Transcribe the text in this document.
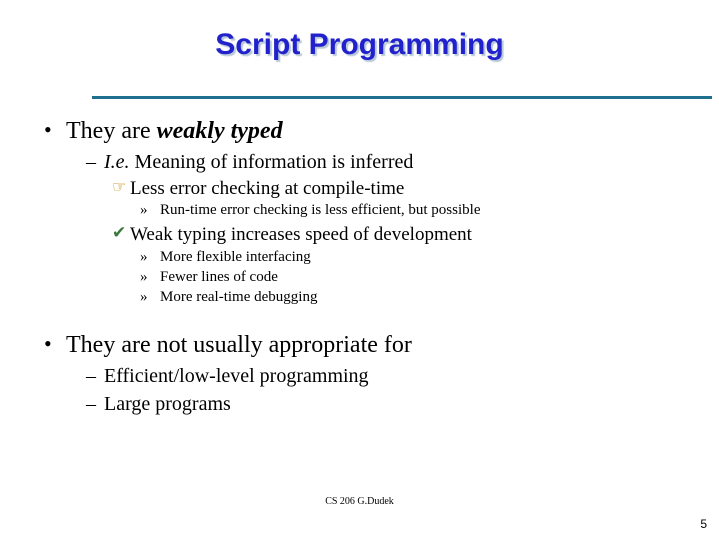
Script Programming
• They are weakly typed
– I.e. Meaning of information is inferred
☞ Less error checking at compile-time
» Run-time error checking is less efficient, but possible
✔ Weak typing increases speed of development
» More flexible interfacing
» Fewer lines of code
» More real-time debugging
• They are not usually appropriate for
– Efficient/low-level programming
– Large programs
CS 206 G.Dudek
5
